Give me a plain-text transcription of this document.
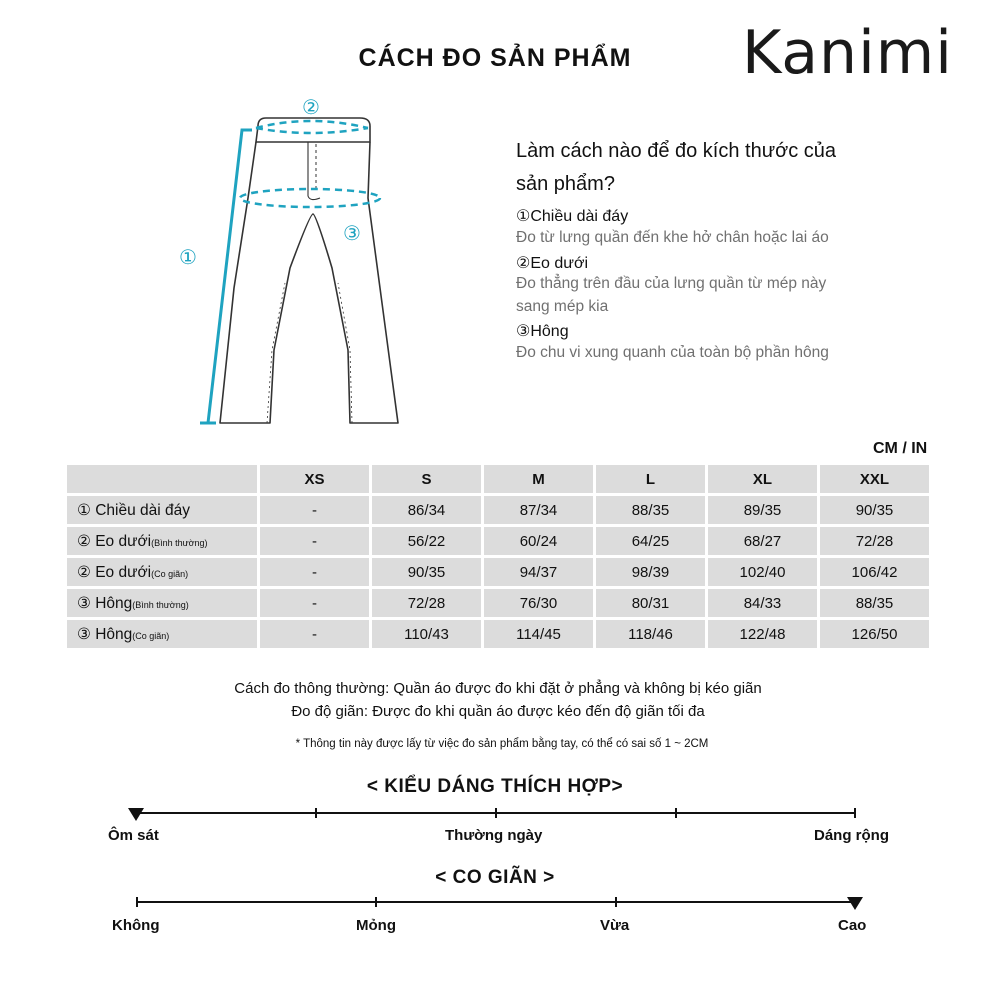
CÁCH ĐO SẢN PHẨM	Kanimi
①
②
③
Làm cách nào để đo kích thước của
sản phẩm?
①Chiều dài đáy
Đo từ lưng quần đến khe hở chân hoặc lai áo
②Eo dưới
Đo thẳng trên đầu của lưng quần từ mép này
sang mép kia
③Hông
Đo chu vi xung quanh của toàn bộ phần hông
CM / IN
	XS	S	M	L	XL	XXL
① Chiều dài đáy	-	86/34	87/34	88/35	89/35	90/35
② Eo dưới(Bình thường)	-	56/22	60/24	64/25	68/27	72/28
② Eo dưới(Co giãn)	-	90/35	94/37	98/39	102/40	106/42
③ Hông(Bình thường)	-	72/28	76/30	80/31	84/33	88/35
③ Hông(Co giãn)	-	110/43	114/45	118/46	122/48	126/50
Cách đo thông thường: Quần áo được đo khi đặt ở phẳng và không bị kéo giãn
Đo độ giãn: Được đo khi quần áo được kéo đến độ giãn tối đa
* Thông tin này được lấy từ việc đo sản phẩm bằng tay, có thể có sai số 1 ~ 2CM
< KIỂU DÁNG THÍCH HỢP>
Ôm sát	Thường ngày	Dáng rộng
< CO GIÃN >
Không	Mỏng	Vừa	Cao
